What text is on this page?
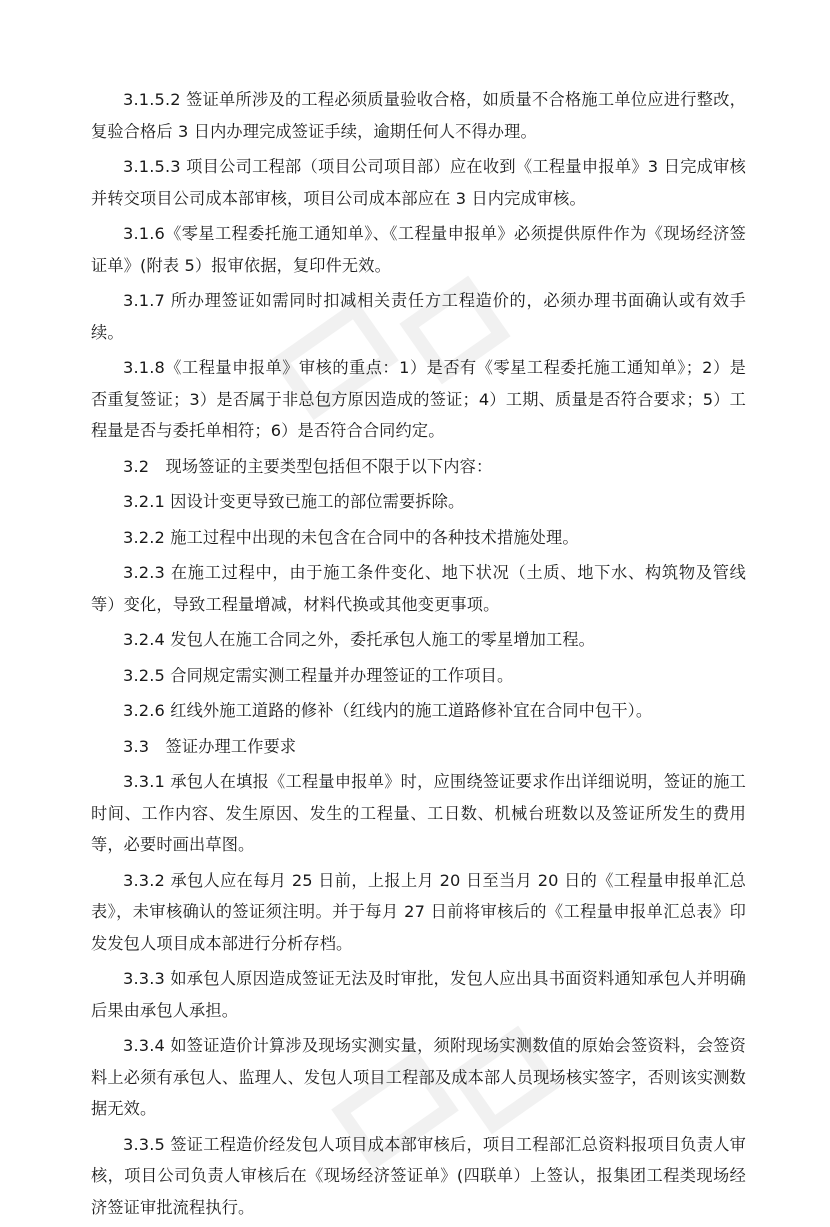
3.1.5.2 签证单所涉及的工程必须质量验收合格，如质量不合格施工单位应进行整改，复验合格后 3 日内办理完成签证手续，逾期任何人不得办理。

3.1.5.3 项目公司工程部（项目公司项目部）应在收到《工程量申报单》3 日完成审核并转交项目公司成本部审核，项目公司成本部应在 3 日内完成审核。

3.1.6《零星工程委托施工通知单》、《工程量申报单》必须提供原件作为《现场经济签证单》(附表 5）报审依据，复印件无效。

3.1.7 所办理签证如需同时扣减相关责任方工程造价的，必须办理书面确认或有效手续。

3.1.8《工程量申报单》审核的重点：1）是否有《零星工程委托施工通知单》；2）是否重复签证；3）是否属于非总包方原因造成的签证；4）工期、质量是否符合要求；5）工程量是否与委托单相符；6）是否符合合同约定。

3.2　现场签证的主要类型包括但不限于以下内容：

3.2.1 因设计变更导致已施工的部位需要拆除。

3.2.2 施工过程中出现的未包含在合同中的各种技术措施处理。

3.2.3 在施工过程中，由于施工条件变化、地下状况（土质、地下水、构筑物及管线等）变化，导致工程量增减，材料代换或其他变更事项。

3.2.4 发包人在施工合同之外，委托承包人施工的零星增加工程。

3.2.5 合同规定需实测工程量并办理签证的工作项目。

3.2.6 红线外施工道路的修补（红线内的施工道路修补宜在合同中包干）。

3.3　签证办理工作要求

3.3.1 承包人在填报《工程量申报单》时，应围绕签证要求作出详细说明，签证的施工时间、工作内容、发生原因、发生的工程量、工日数、机械台班数以及签证所发生的费用等，必要时画出草图。

3.3.2 承包人应在每月 25 日前，上报上月 20 日至当月 20 日的《工程量申报单汇总表》，未审核确认的签证须注明。并于每月 27 日前将审核后的《工程量申报单汇总表》印发发包人项目成本部进行分析存档。

3.3.3 如承包人原因造成签证无法及时审批，发包人应出具书面资料通知承包人并明确后果由承包人承担。

3.3.4 如签证造价计算涉及现场实测实量，须附现场实测数值的原始会签资料，会签资料上必须有承包人、监理人、发包人项目工程部及成本部人员现场核实签字，否则该实测数据无效。

3.3.5 签证工程造价经发包人项目成本部审核后，项目工程部汇总资料报项目负责人审核，项目公司负责人审核后在《现场经济签证单》(四联单）上签认，报集团工程类现场经济签证审批流程执行。
